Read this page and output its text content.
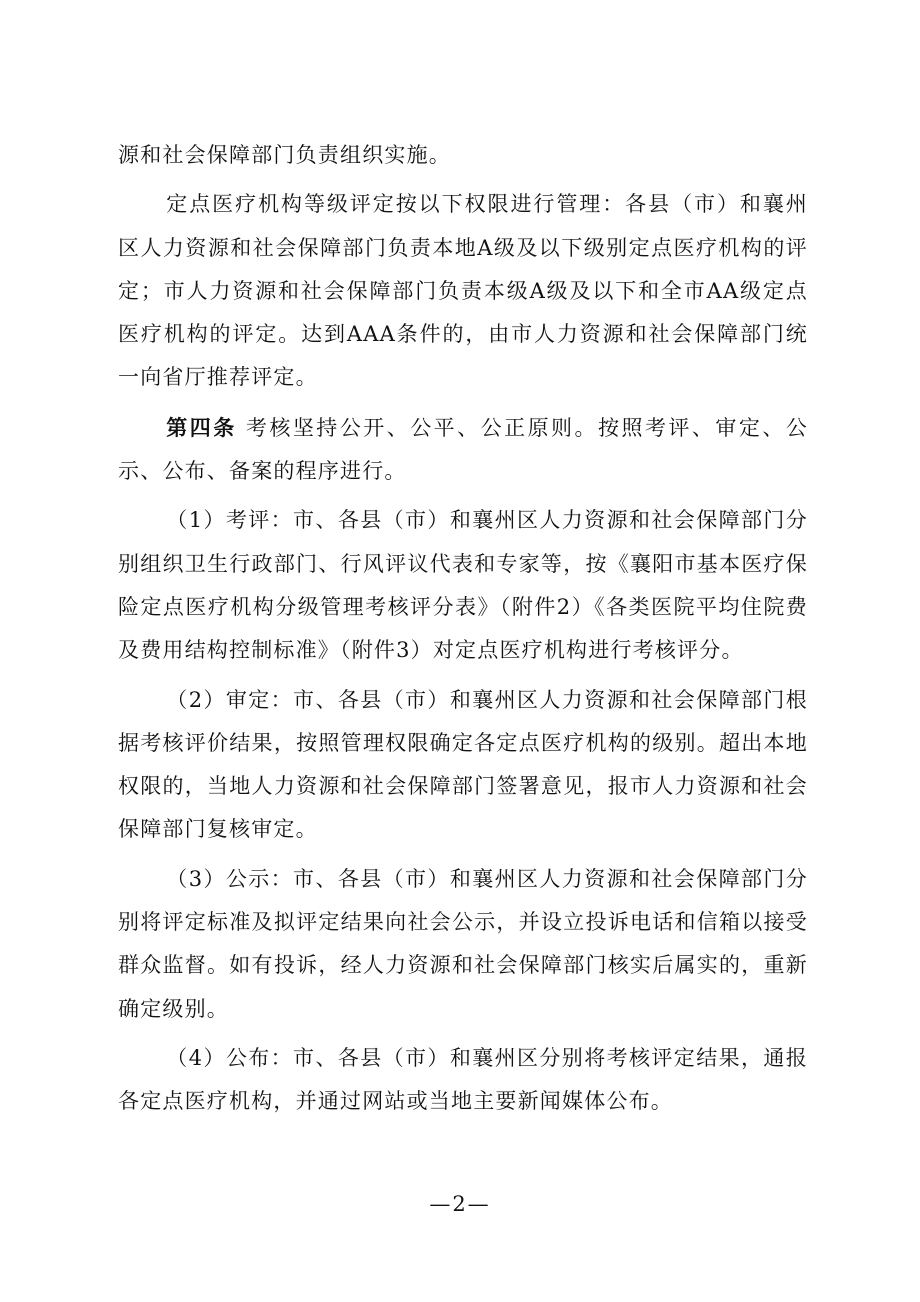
源和社会保障部门负责组织实施。

定点医疗机构等级评定按以下权限进行管理：各县（市）和襄州区人力资源和社会保障部门负责本地A级及以下级别定点医疗机构的评定；市人力资源和社会保障部门负责本级A级及以下和全市AA级定点医疗机构的评定。达到AAA条件的，由市人力资源和社会保障部门统一向省厅推荐评定。

第四条 考核坚持公开、公平、公正原则。按照考评、审定、公示、公布、备案的程序进行。

（1）考评：市、各县（市）和襄州区人力资源和社会保障部门分别组织卫生行政部门、行风评议代表和专家等，按《襄阳市基本医疗保险定点医疗机构分级管理考核评分表》（附件2）《各类医院平均住院费及费用结构控制标准》（附件3）对定点医疗机构进行考核评分。

（2）审定：市、各县（市）和襄州区人力资源和社会保障部门根据考核评价结果，按照管理权限确定各定点医疗机构的级别。超出本地权限的，当地人力资源和社会保障部门签署意见，报市人力资源和社会保障部门复核审定。

（3）公示：市、各县（市）和襄州区人力资源和社会保障部门分别将评定标准及拟评定结果向社会公示，并设立投诉电话和信箱以接受群众监督。如有投诉，经人力资源和社会保障部门核实后属实的，重新确定级别。

（4）公布：市、各县（市）和襄州区分别将考核评定结果，通报各定点医疗机构，并通过网站或当地主要新闻媒体公布。

—2—
